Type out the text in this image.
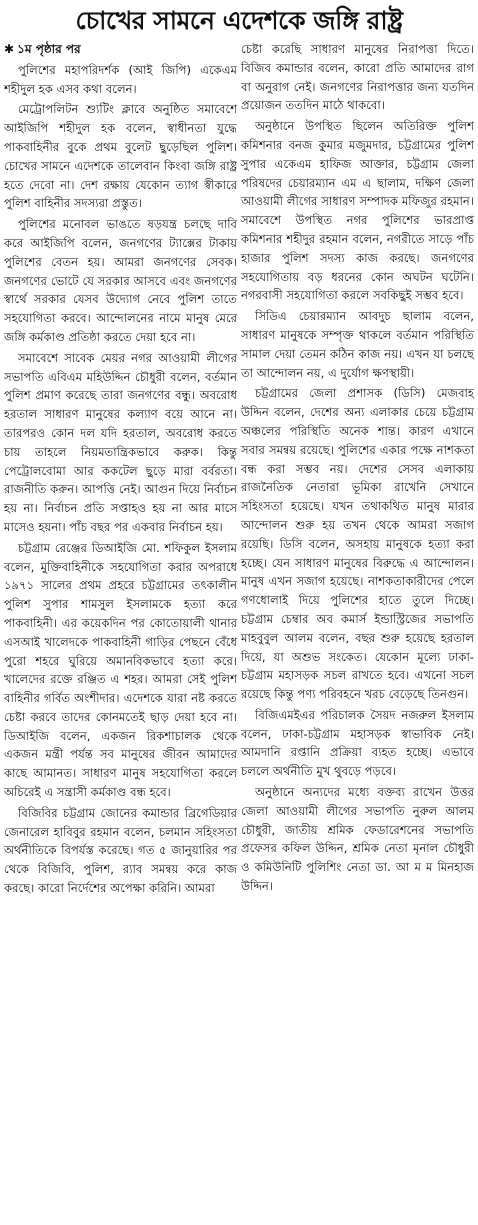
চোখের সামনে এদেশকে জঙ্গি রাষ্ট্র

✱ ১ম পৃষ্ঠার পর

পুলিশের মহাপরিদর্শক (আই জিপি) একেএম শহীদুল হক এসব কথা বলেন।

মেট্রোপলিটন শ্যুটিং ক্লাবে অনুষ্ঠিত সমাবেশে আইজিপি শহীদুল হক বলেন, স্বাধীনতা যুদ্ধে পাকবাহিনীর বুকে প্রথম বুলেট ছুড়েছিল পুলিশ। চোখের সামনে এদেশকে তালেবান কিংবা জঙ্গি রাষ্ট্র হতে দেবো না। দেশ রক্ষায় যেকোন ত্যাগ স্বীকারে পুলিশ বাহিনীর সদস্যরা প্রস্তুত।

পুলিশের মনোবল ভাঙতে ষড়যন্ত্র চলছে দাবি করে আইজিপি বলেন, জনগণের ট্যাক্সের টাকায় পুলিশের বেতন হয়। আমরা জনগণের সেবক। জনগণের ভোটে যে সরকার আসবে এবং জনগণের স্বার্থে সরকার যেসব উদ্যোগ নেবে পুলিশ তাতে সহযোগিতা করবে। আন্দোলনের নামে মানুষ মেরে জঙ্গি কর্মকাণ্ড প্রতিষ্ঠা করতে দেয়া হবে না।

সমাবেশে সাবেক মেয়র নগর আওয়ামী লীগের সভাপতি এবিএম মহিউদ্দিন চৌধুরী বলেন, বর্তমান পুলিশ প্রমাণ করেছে তারা জনগণের বন্ধু। অবরোধ হরতাল সাধারণ মানুষের কল্যাণ বয়ে আনে না। তারপরও কোন দল যদি হরতাল, অবরোধ করতে চায় তাহলে নিয়মতান্ত্রিকভাবে করুক। কিন্তু পেট্রোলবোমা আর ককটেল ছুড়ে মারা বর্বরতা। রাজনীতি করুন। আপত্তি নেই। আগুন দিয়ে নির্বাচন হয় না। নির্বাচন প্রতি সপ্তাহও হয় না আর মাসে মাসেও হয়না। পাঁচ বছর পর একবার নির্বাচন হয়।

চট্টগ্রাম রেঞ্জের ডিআইজি মো. শফিকুল ইসলাম বলেন, মুক্তিবাহিনীকে সহযোগিতা করার অপরাধে ১৯৭১ সালের প্রথম প্রহরে চট্টগ্রামের তৎকালীন পুলিশ সুপার শামসুল ইসলামকে হত্যা করে পাকবাহিনী। এর কয়েকদিন পর কোতোয়ালী থানার এসআই খালেদকে পাকবাহিনী গাড়ির পেছনে বেঁধে পুরো শহরে ঘুরিয়ে অমানবিকভাবে হত্যা করে। খালেদের রক্তে রঞ্জিত এ শহর। আমরা সেই পুলিশ বাহিনীর গর্বিত অংশীদার। এদেশকে যারা নষ্ট করতে চেষ্টা করবে তাদের কোনমতেই ছাড় দেয়া হবে না। ডিআইজি বলেন, একজন রিকশাচালক থেকে একজন মন্ত্রী পর্যন্ত সব মানুষের জীবন আমাদের কাছে আমানত। সাধারণ মানুষ সহযোগিতা করলে অচিরেই এ সন্ত্রাসী কর্মকাণ্ড বন্ধ হবে।

বিজিবির চট্টগ্রাম জোনের কমান্ডার ব্রিগেডিয়ার জেনারেল হাবিবুর রহমান বলেন, চলমান সহিংসতা অর্থনীতিকে বিপর্যস্ত করেছে। গত ৫ জানুয়ারির পর থেকে বিজিবি, পুলিশ, র‌্যাব সমন্বয় করে কাজ করছে। কারো নির্দেশের অপেক্ষা করিনি। আমরা

চেষ্টা করেছি সাধারণ মানুষের নিরাপত্তা দিতে। বিজিব কমান্ডার বলেন, কারো প্রতি আমাদের রাগ বা অনুরাগ নেই। জনগণের নিরাপত্তার জন্য যতদিন প্রয়োজন ততদিন মাঠে থাকবো।

অনুষ্ঠানে উপস্থিত ছিলেন অতিরিক্ত পুলিশ কমিশনার বনজ কুমার মজুমদার, চট্টগ্রামের পুলিশ সুপার একেএম হাফিজ আক্তার, চট্টগ্রাম জেলা পরিষদের চেয়ারম্যান এম এ ছালাম, দক্ষিণ জেলা আওয়ামী লীগের সাধারণ সম্পাদক মফিজুর রহমান। সমাবেশে উপস্থিত নগর পুলিশের ভারপ্রাপ্ত কমিশনার শহীদুর রহমান বলেন, নগরীতে সাড়ে পাঁচ হাজার পুলিশ সদস্য কাজ করছে। জনগণের সহযোগিতায় বড় ধরনের কোন অঘটন ঘটেনি। নগরবাসী সহযোগিতা করলে সবকিছুই সম্ভব হবে।

সিডিএ চেয়ারম্যান আবদুচ ছালাম বলেন, সাধারণ মানুষকে সম্পৃক্ত থাকলে বর্তমান পরিস্থিতি সামাল দেয়া তেমন কঠিন কাজ নয়। এখন যা চলছে তা আন্দোলন নয়, এ দুর্যোগ ক্ষণস্থায়ী।

চট্টগ্রামের জেলা প্রশাসক (ডিসি) মেজবাহ উদ্দিন বলেন, দেশের অন্য এলাকার চেয়ে চট্টগ্রাম অঞ্চলের পরিস্থিতি অনেক শান্ত। কারণ এখানে সবার সমন্বয় রয়েছে। পুলিশের একার পক্ষে নাশকতা বন্ধ করা সম্ভব নয়। দেশের সেসব এলাকায় রাজনৈতিক নেতারা ভূমিকা রাখেনি সেখানে সহিংসতা হয়েছে। যখন তথাকথিত মানুষ মারার আন্দোলন শুরু হয় তখন থেকে আমরা সজাগ রয়েছি। ডিসি বলেন, অসহায় মানুষকে হত্যা করা হচ্ছে। যেন সাধারণ মানুষের বিরুদ্ধে এ আন্দোলন। মানুষ এখন সজাগ হয়েছে। নাশকতাকারীদের পেলে গণধোলাই দিয়ে পুলিশের হাতে তুলে দিচ্ছে। চট্টগ্রাম চেম্বার অব কমার্স ইন্ডাস্ট্রিজের সভাপতি মাহবুবুল আলম বলেন, বছর শুরু হয়েছে হরতাল দিয়ে, যা অশুভ সংকেত। যেকোন মূল্যে ঢাকা- চট্টগ্রাম মহাসড়ক সচল রাখতে হবে। এখনো সচল রয়েছে কিন্তু পণ্য পরিবহনে খরচ বেড়েছে তিনগুন।

বিজিএমইএর পরিচালক সৈয়দ নজরুল ইসলাম বলেন, ঢাকা-চট্টগ্রাম মহাসড়ক স্বাভাবিক নেই। আমদানি রপ্তানি প্রক্রিয়া ব্যহত হচ্ছে। এভাবে চললে অর্থনীতি মুখ থুবড়ে পড়বে।

অনুষ্ঠানে অন্যদের মধ্যে বক্তব্য রাখেন উত্তর জেলা আওয়ামী লীগের সভাপতি নুরুল আলম চৌধুরী, জাতীয় শ্রমিক ফেডারেশনের সভাপতি প্রফেসর কফিল উদ্দিন, শ্রমিক নেতা মৃনাল চৌধুরী ও কমিউনিটি পুলিশিং নেতা ডা. আ ম ম মিনহাজ উদ্দিন।
